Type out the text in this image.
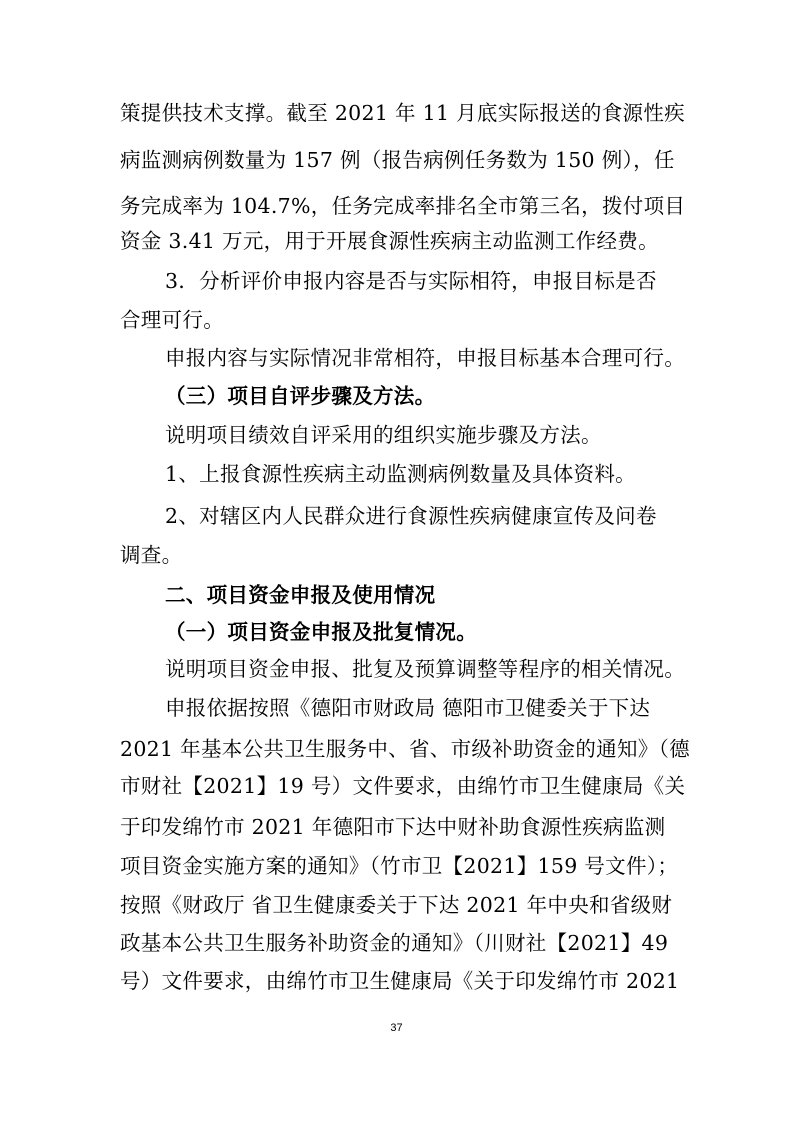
策提供技术支撑。截至 2021 年 11 月底实际报送的食源性疾
病监测病例数量为 157 例（报告病例任务数为 150 例），任
务完成率为 104.7%，任务完成率排名全市第三名，拨付项目
资金 3.41 万元，用于开展食源性疾病主动监测工作经费。
3．分析评价申报内容是否与实际相符，申报目标是否
合理可行。
申报内容与实际情况非常相符，申报目标基本合理可行。
（三）项目自评步骤及方法。
说明项目绩效自评采用的组织实施步骤及方法。
1、上报食源性疾病主动监测病例数量及具体资料。
2、对辖区内人民群众进行食源性疾病健康宣传及问卷
调查。
二、项目资金申报及使用情况
（一）项目资金申报及批复情况。
说明项目资金申报、批复及预算调整等程序的相关情况。
申报依据按照《德阳市财政局 德阳市卫健委关于下达
2021 年基本公共卫生服务中、省、市级补助资金的通知》（德
市财社【2021】19 号）文件要求，由绵竹市卫生健康局《关
于印发绵竹市 2021 年德阳市下达中财补助食源性疾病监测
项目资金实施方案的通知》（竹市卫【2021】159 号文件）；
按照《财政厅 省卫生健康委关于下达 2021 年中央和省级财
政基本公共卫生服务补助资金的通知》（川财社【2021】49
号）文件要求，由绵竹市卫生健康局《关于印发绵竹市 2021
37
